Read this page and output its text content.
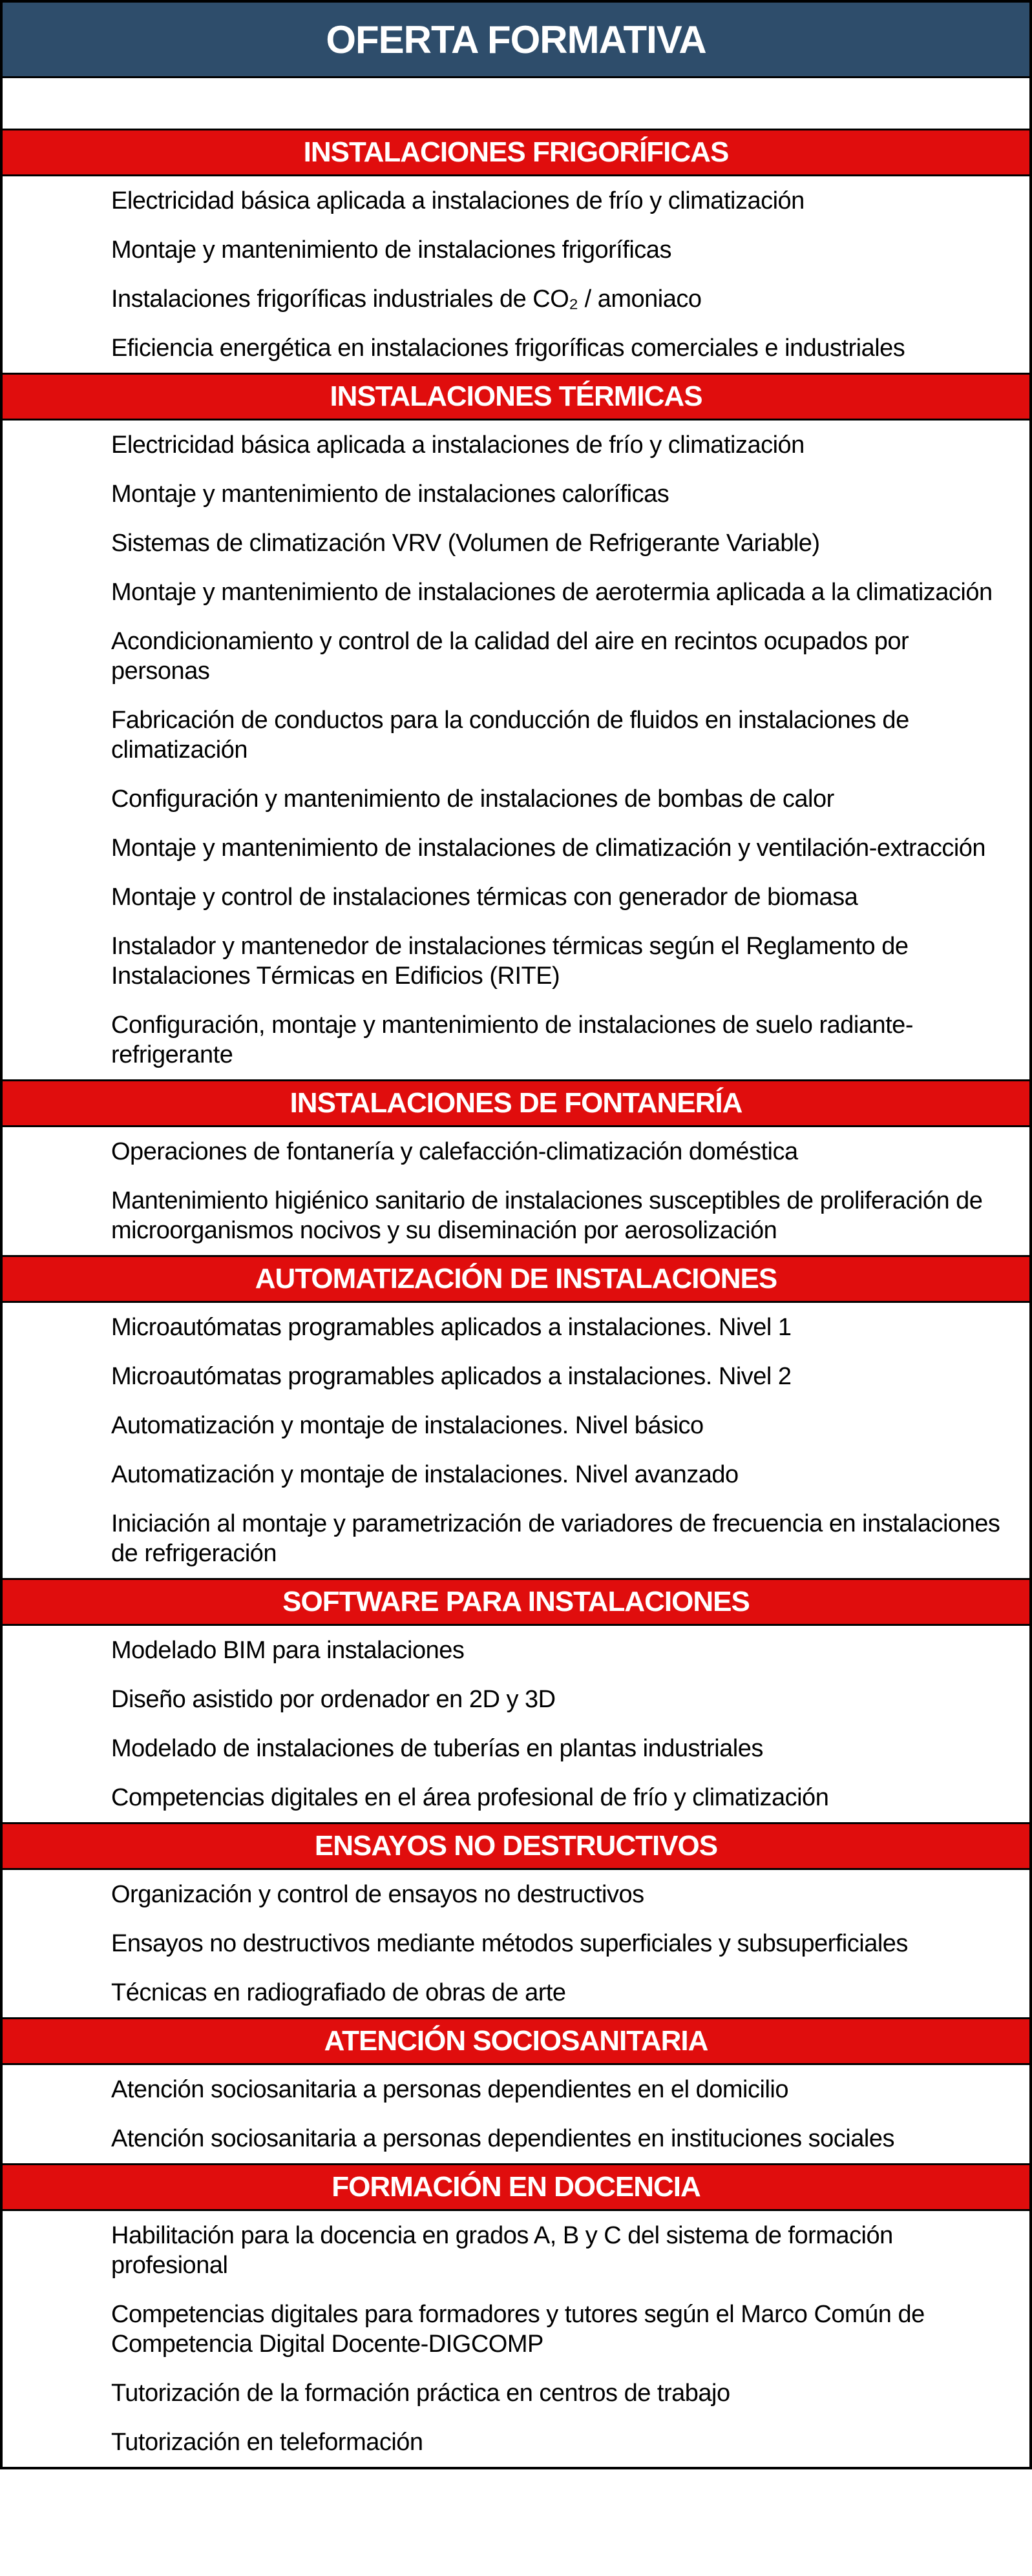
OFERTA FORMATIVA
INSTALACIONES FRIGORÍFICAS
Electricidad básica aplicada a instalaciones de frío y climatización
Montaje y mantenimiento de instalaciones frigoríficas
Instalaciones frigoríficas industriales de CO₂ / amoniaco
Eficiencia energética en instalaciones frigoríficas comerciales e industriales
INSTALACIONES TÉRMICAS
Electricidad básica aplicada a instalaciones de frío y climatización
Montaje y mantenimiento de instalaciones caloríficas
Sistemas de climatización VRV (Volumen de Refrigerante Variable)
Montaje y mantenimiento de instalaciones de aerotermia aplicada a la climatización
Acondicionamiento y control de la calidad del aire en recintos ocupados por personas
Fabricación de conductos para la conducción de fluidos en instalaciones de climatización
Configuración y mantenimiento de instalaciones de bombas de calor
Montaje y mantenimiento de instalaciones de climatización y ventilación-extracción
Montaje y control de instalaciones térmicas con generador de biomasa
Instalador y mantenedor de instalaciones térmicas según el Reglamento de Instalaciones Térmicas en Edificios (RITE)
Configuración, montaje y mantenimiento de instalaciones de suelo radiante-refrigerante
INSTALACIONES DE FONTANERÍA
Operaciones de fontanería y calefacción-climatización doméstica
Mantenimiento higiénico sanitario de instalaciones susceptibles de proliferación de microorganismos nocivos y su diseminación por aerosolización
AUTOMATIZACIÓN DE INSTALACIONES
Microautómatas programables aplicados a instalaciones. Nivel 1
Microautómatas programables aplicados a instalaciones. Nivel 2
Automatización y montaje de instalaciones. Nivel básico
Automatización y montaje de instalaciones. Nivel avanzado
Iniciación al montaje y parametrización de variadores de frecuencia en instalaciones de refrigeración
SOFTWARE PARA INSTALACIONES
Modelado BIM para instalaciones
Diseño asistido por ordenador en 2D y 3D
Modelado de instalaciones de tuberías en plantas industriales
Competencias digitales en el área profesional de frío y climatización
ENSAYOS NO DESTRUCTIVOS
Organización y control de ensayos no destructivos
Ensayos no destructivos mediante métodos superficiales y subsuperficiales
Técnicas en radiografiado de obras de arte
ATENCIÓN SOCIOSANITARIA
Atención sociosanitaria a personas dependientes en el domicilio
Atención sociosanitaria a personas dependientes en instituciones sociales
FORMACIÓN EN DOCENCIA
Habilitación para la docencia en grados A, B y C del sistema de formación profesional
Competencias digitales para formadores y tutores según el Marco Común de Competencia Digital Docente-DIGCOMP
Tutorización de la formación práctica en centros de trabajo
Tutorización en teleformación
